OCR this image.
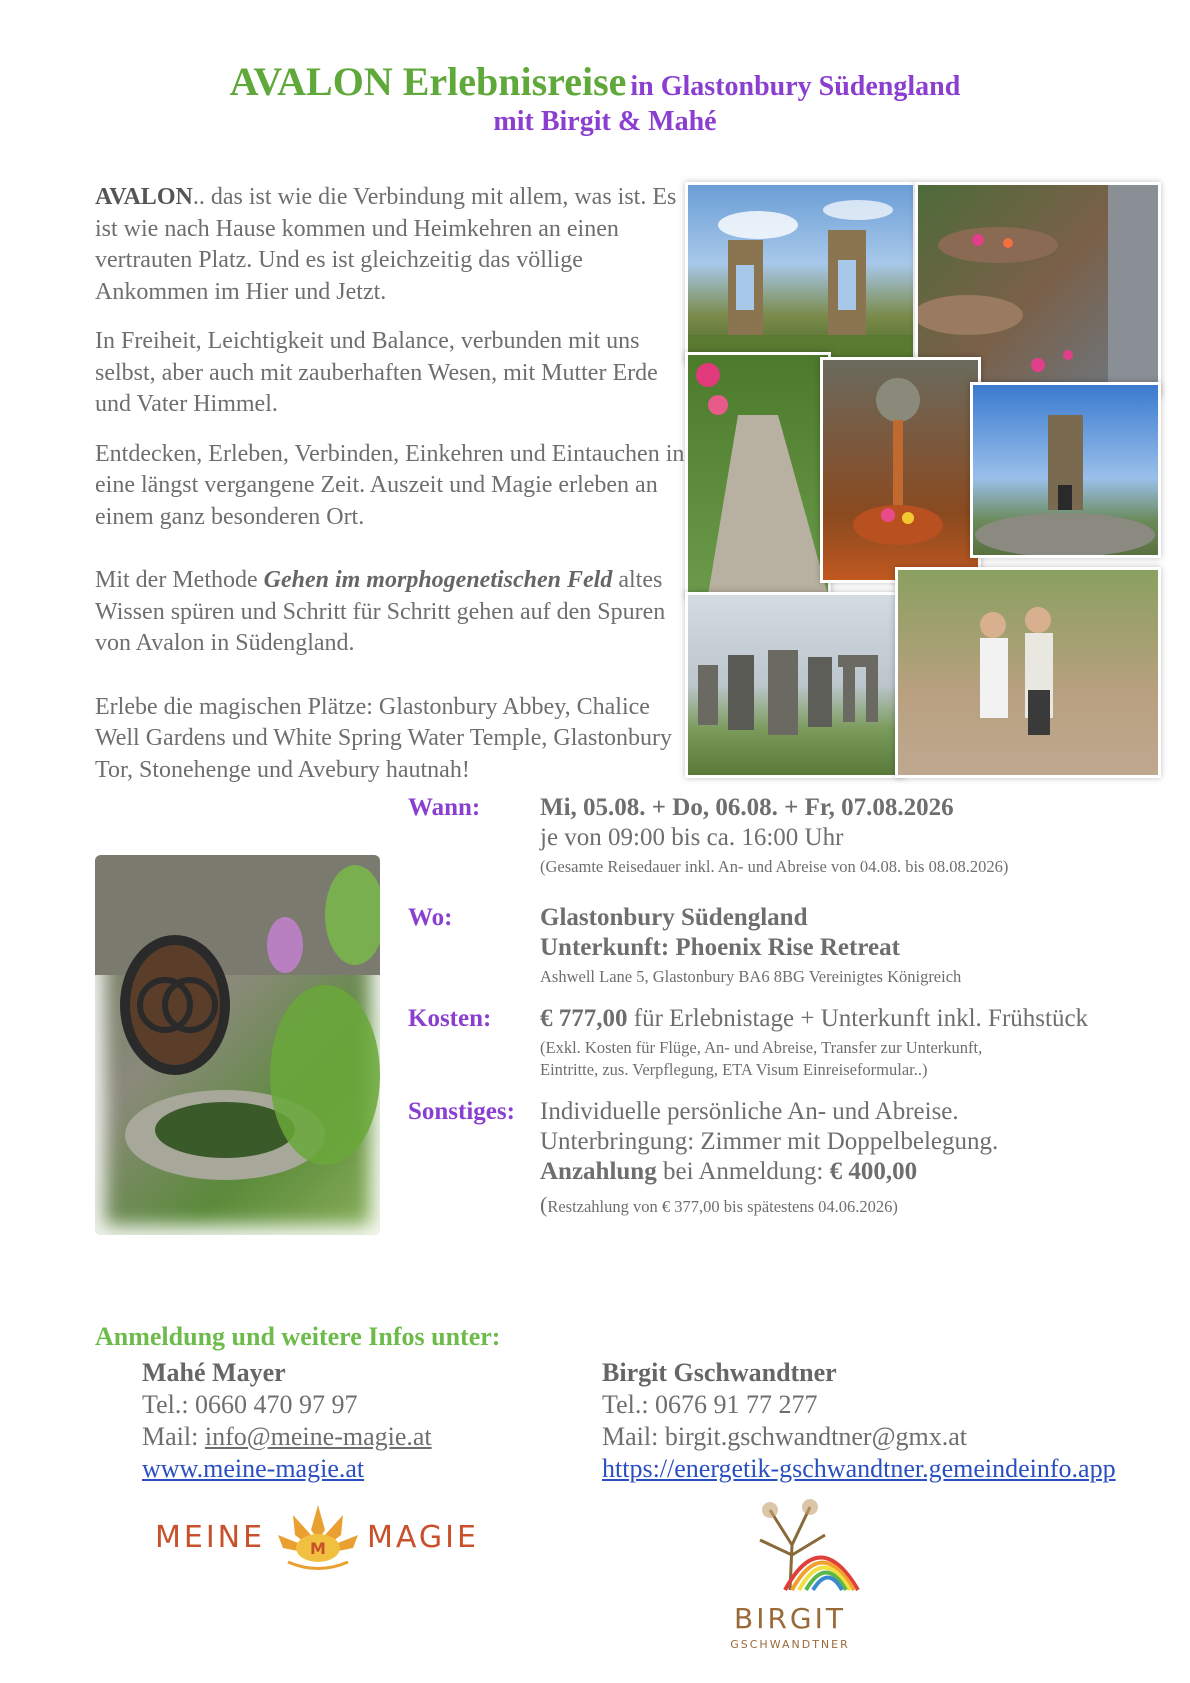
AVALON Erlebnisreise in Glastonbury Südengland
mit Birgit & Mahé

AVALON.. das ist wie die Verbindung mit allem, was ist. Es ist wie nach Hause kommen und Heimkehren an einen vertrauten Platz. Und es ist gleichzeitig das völlige Ankommen im Hier und Jetzt.

In Freiheit, Leichtigkeit und Balance, verbunden mit uns selbst, aber auch mit zauberhaften Wesen, mit Mutter Erde und Vater Himmel.

Entdecken, Erleben, Verbinden, Einkehren und Eintauchen in eine längst vergangene Zeit. Auszeit und Magie erleben an einem ganz besonderen Ort.

Mit der Methode Gehen im morphogenetischen Feld altes Wissen spüren und Schritt für Schritt gehen auf den Spuren von Avalon in Südengland.

Erlebe die magischen Plätze: Glastonbury Abbey, Chalice Well Gardens und White Spring Water Temple, Glastonbury Tor, Stonehenge und Avebury hautnah!

Wann: Mi, 05.08. + Do, 06.08. + Fr, 07.08.2026
je von 09:00 bis ca. 16:00 Uhr
(Gesamte Reisedauer inkl. An- und Abreise von 04.08. bis 08.08.2026)
Wo:	Glastonbury Südengland
Unterkunft: Phoenix Rise Retreat
Ashwell Lane 5, Glastonbury BA6 8BG Vereinigtes Königreich
Kosten: € 777,00 für Erlebnistage + Unterkunft inkl. Frühstück
(Exkl. Kosten für Flüge, An- und Abreise, Transfer zur Unterkunft,
Eintritte, zus. Verpflegung, ETA Visum Einreiseformular..)
Sonstiges: Individuelle persönliche An- und Abreise.
Unterbringung: Zimmer mit Doppelbelegung.
Anzahlung bei Anmeldung: € 400,00
(Restzahlung von € 377,00 bis spätestens 04.06.2026)
Anmeldung und weitere Infos unter:
Mahé Mayer
Tel.: 0660 470 97 97
Mail: info@meine-magie.at
www.meine-magie.at
Birgit Gschwandtner
Tel.: 0676 91 77 277
Mail: birgit.gschwandtner@gmx.at
https://energetik-gschwandtner.gemeindeinfo.app
MEINE	M MAGIE
BIRGIT
GSCHWANDTNER
